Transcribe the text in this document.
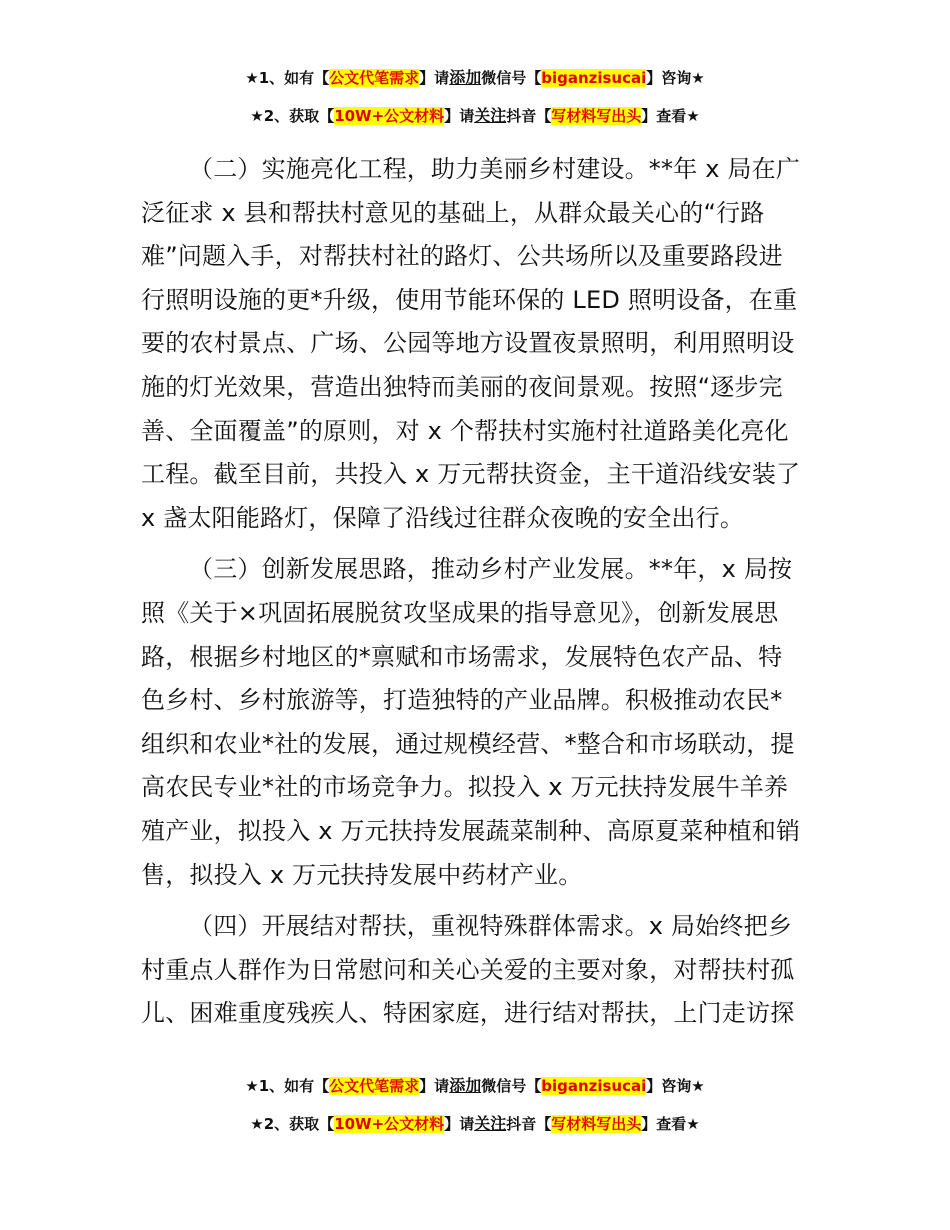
★1、如有【公文代笔需求】请添加微信号【biganzisucai】咨询★
★2、获取【10W+公文材料】请关注抖音【写材料写出头】查看★

（二）实施亮化工程，助力美丽乡村建设。**年 x 局在广
泛征求 x 县和帮扶村意见的基础上，从群众最关心的“行路
难”问题入手，对帮扶村社的路灯、公共场所以及重要路段进
行照明设施的更*升级，使用节能环保的 LED 照明设备，在重
要的农村景点、广场、公园等地方设置夜景照明，利用照明设
施的灯光效果，营造出独特而美丽的夜间景观。按照“逐步完
善、全面覆盖”的原则，对 x 个帮扶村实施村社道路美化亮化
工程。截至目前，共投入 x 万元帮扶资金，主干道沿线安装了
x 盏太阳能路灯，保障了沿线过往群众夜晚的安全出行。

（三）创新发展思路，推动乡村产业发展。**年，x 局按
照《关于×巩固拓展脱贫攻坚成果的指导意见》，创新发展思
路，根据乡村地区的*禀赋和市场需求，发展特色农产品、特
色乡村、乡村旅游等，打造独特的产业品牌。积极推动农民*
组织和农业*社的发展，通过规模经营、*整合和市场联动，提
高农民专业*社的市场竞争力。拟投入 x 万元扶持发展牛羊养
殖产业，拟投入 x 万元扶持发展蔬菜制种、高原夏菜种植和销
售，拟投入 x 万元扶持发展中药材产业。

（四）开展结对帮扶，重视特殊群体需求。x 局始终把乡
村重点人群作为日常慰问和关心关爱的主要对象，对帮扶村孤
儿、困难重度残疾人、特困家庭，进行结对帮扶，上门走访探

★1、如有【公文代笔需求】请添加微信号【biganzisucai】咨询★
★2、获取【10W+公文材料】请关注抖音【写材料写出头】查看★
